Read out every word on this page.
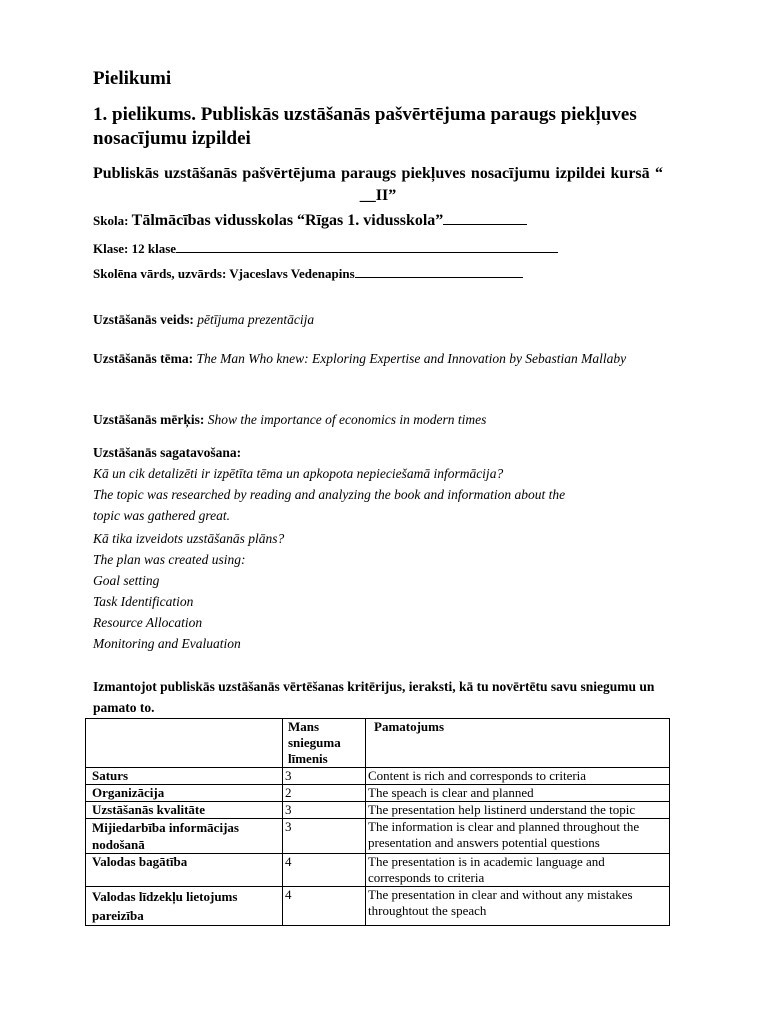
Pielikumi
1. pielikums. Publiskās uzstāšanās pašvērtējuma paraugs piekļuves nosacījumu izpildei
Publiskās uzstāšanās pašvērtējuma paraugs piekļuves nosacījumu izpildei kursā “ __II”
Skola: Tālmācības vidusskolas “Rīgas 1. vidusskola”
Klase: 12 klase
Skolēna vārds, uzvārds: Vjaceslavs Vedenapins
Uzstāšanās veids: pētījuma prezentācija
Uzstāšanās tēma: The Man Who knew: Exploring Expertise and Innovation by Sebastian Mallaby
Uzstāšanās mērķis: Show the importance of economics in modern times
Uzstāšanās sagatavošana:
Kā un cik detalizēti ir izpētīta tēma un apkopota nepieciešamā informācija?
The topic was researched by reading and analyzing the book and information about the topic was gathered great.
Kā tika izveidots uzstāšanās plāns?
The plan was created using:
Goal setting
Task Identification
Resource Allocation
Monitoring and Evaluation
Izmantojot publiskās uzstāšanās vērtēšanas kritērijus, ieraksti, kā tu novērtētu savu sniegumu un pamato to.
	Mans snieguma līmenis	Pamatojums
Saturs	3	Content is rich and corresponds to criteria
Organizācija	2	The speach is clear and planned
Uzstāšanās kvalitāte	3	The presentation help listinerd understand the topic
Mijiedarbība informācijas nodošanā	3	The information is clear and planned throughout the presentation and answers potential questions
Valodas bagātība	4	The presentation is in academic language and corresponds to criteria
Valodas līdzekļu lietojums pareizība	4	The presentation in clear and without any mistakes throughtout the speach
